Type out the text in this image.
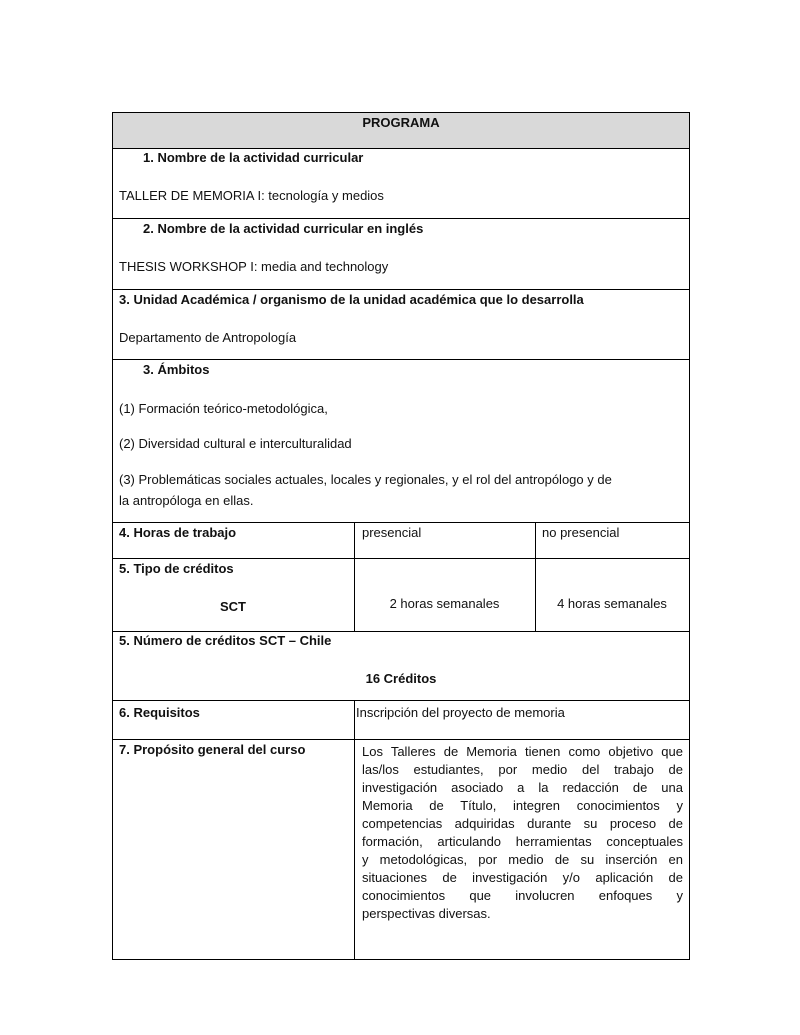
PROGRAMA
1. Nombre de la actividad curricular
TALLER DE MEMORIA I: tecnología y medios
2. Nombre de la actividad curricular en inglés
THESIS WORKSHOP I: media and technology
3. Unidad Académica / organismo de la unidad académica que lo desarrolla
Departamento de Antropología
3. Ámbitos
(1) Formación teórico-metodológica,
(2) Diversidad cultural e interculturalidad
(3) Problemáticas sociales actuales, locales y regionales, y el rol del antropólogo y de
la antropóloga en ellas.
4. Horas de trabajo	presencial	no presencial
5. Tipo de créditos
SCT	2 horas semanales	4 horas semanales
5. Número de créditos SCT – Chile
16 Créditos
6. Requisitos	Inscripción del proyecto de memoria
7. Propósito general del curso	Los Talleres de Memoria tienen como objetivo que
las/los estudiantes, por medio del trabajo de
investigación asociado a la redacción de una
Memoria de Título, integren conocimientos y
competencias adquiridas durante su proceso de
formación, articulando herramientas conceptuales
y metodológicas, por medio de su inserción en
situaciones de investigación y/o aplicación de
conocimientos que involucren enfoques y
perspectivas diversas.
